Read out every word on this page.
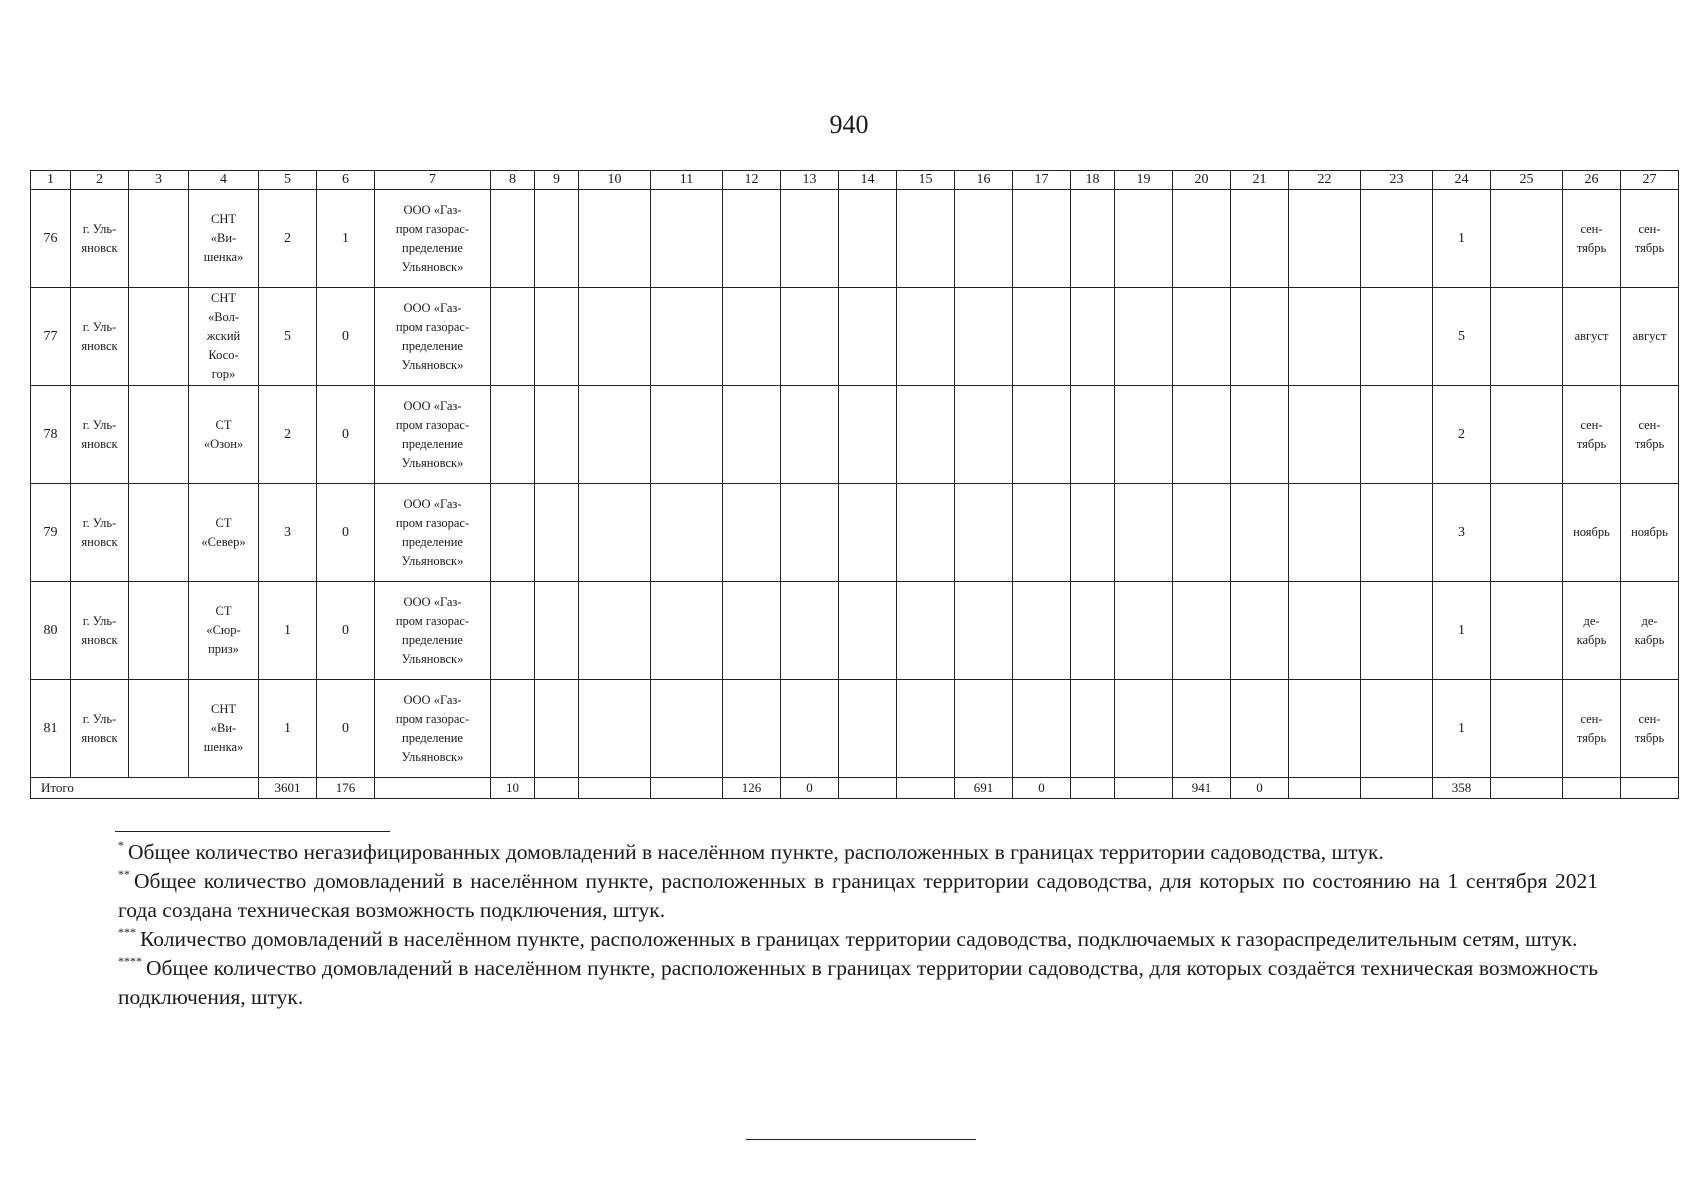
940
1	2	3	4	5	6	7	8	9	10	11	12	13	14	15	16	17	18	19	20	21	22	23	24	25	26	27
76	г. Уль-
яновск		СНТ
«Ви-
шенка»	2	1	ООО «Газ-
пром газорас-
пределение
Ульяновск»																	1		сен-
тябрь	сен-
тябрь
77	г. Уль-
яновск		СНТ
«Вол-
жский
Косо-
гор»	5	0	ООО «Газ-
пром газорас-
пределение
Ульяновск»																	5		август	август
78	г. Уль-
яновск		СТ
«Озон»	2	0	ООО «Газ-
пром газорас-
пределение
Ульяновск»																	2		сен-
тябрь	сен-
тябрь
79	г. Уль-
яновск		СТ
«Север»	3	0	ООО «Газ-
пром газорас-
пределение
Ульяновск»																	3		ноябрь	ноябрь
80	г. Уль-
яновск		СТ
«Сюр-
приз»	1	0	ООО «Газ-
пром газорас-
пределение
Ульяновск»																	1		де-
кабрь	де-
кабрь
81	г. Уль-
яновск		СНТ
«Ви-
шенка»	1	0	ООО «Газ-
пром газорас-
пределение
Ульяновск»																	1		сен-
тябрь	сен-
тябрь
Итого				3601	176		10				126	0			691	0			941	0			358			

* Общее количество негазифицированных домовладений в населённом пункте, расположенных в границах территории садоводства, штук.

** Общее количество домовладений в населённом пункте, расположенных в границах территории садоводства, для которых по состоянию на 1 сентября 2021 года создана техническая возможность подключения, штук.

*** Количество домовладений в населённом пункте, расположенных в границах территории садоводства, подключаемых к газораспределительным сетям, штук.

**** Общее количество домовладений в населённом пункте, расположенных в границах территории садоводства, для которых создаётся техническая возможность подключения, штук.
